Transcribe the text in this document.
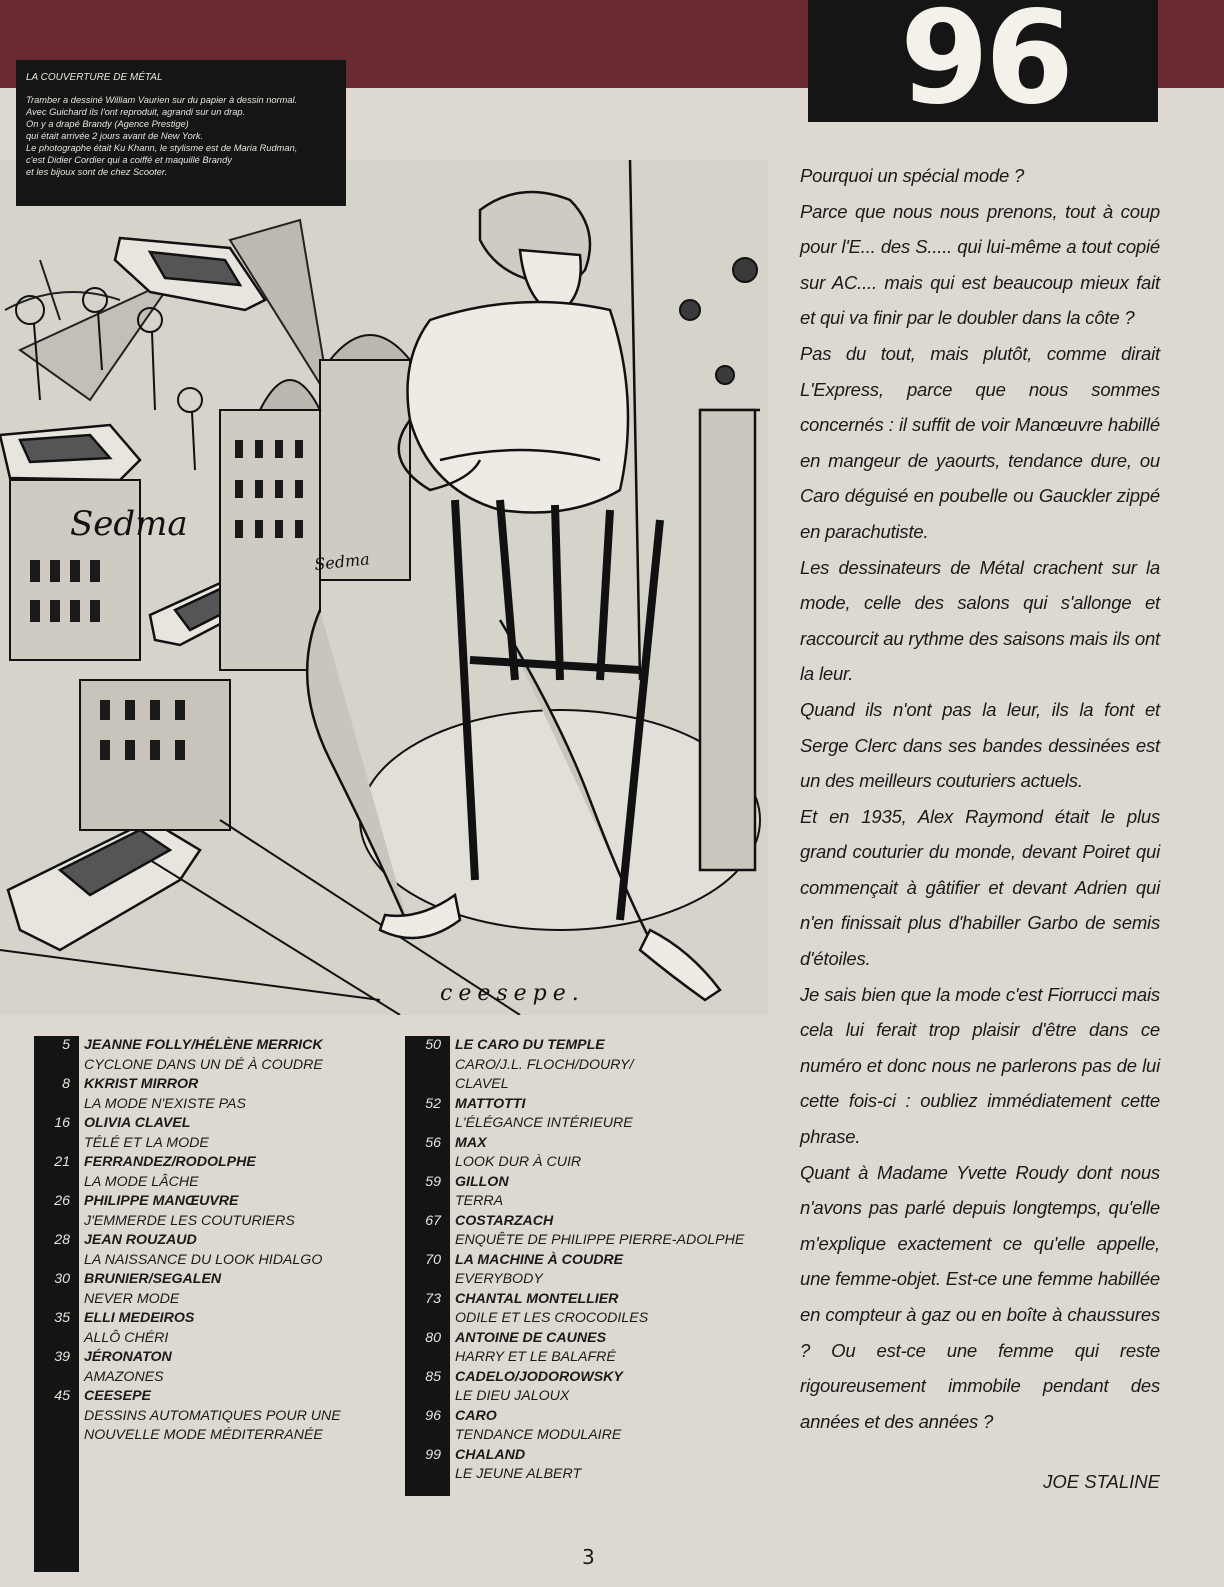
96
Sedma
Sedma
ceesepe.
LA COUVERTURE DE MÉTAL
Tramber a dessiné William Vaurien sur du papier à dessin normal.
Avec Guichard ils l'ont reproduit, agrandi sur un drap.
On y a drapé Brandy (Agence Prestige)
qui était arrivée 2 jours avant de New York.
Le photographe était Ku Khann, le stylisme est de Maria Rudman,
c'est Didier Cordier qui a coiffé et maquillé Brandy
et les bijoux sont de chez Scooter.	Pourquoi un spécial mode ?

Parce que nous nous prenons, tout à coup pour l'E... des S..... qui lui-même a tout copié sur AC.... mais qui est beaucoup mieux fait et qui va finir par le doubler dans la côte ?

Pas du tout, mais plutôt, comme dirait L'Express, parce que nous sommes concernés : il suffit de voir Manœuvre habillé en mangeur de yaourts, tendance dure, ou Caro déguisé en poubelle ou Gauckler zippé en parachutiste.

Les dessinateurs de Métal crachent sur la mode, celle des salons qui s'allonge et raccourcit au rythme des saisons mais ils ont la leur.

Quand ils n'ont pas la leur, ils la font et Serge Clerc dans ses bandes dessinées est un des meilleurs couturiers actuels.

Et en 1935, Alex Raymond était le plus grand couturier du monde, devant Poiret qui commençait à gâtifier et devant Adrien qui n'en finissait plus d'habiller Garbo de semis d'étoiles.

Je sais bien que la mode c'est Fiorrucci mais cela lui ferait trop plaisir d'être dans ce numéro et donc nous ne parlerons pas de lui cette fois-ci : oubliez immédiatement cette phrase.

Quant à Madame Yvette Roudy dont nous n'avons pas parlé depuis longtemps, qu'elle m'explique exactement ce qu'elle appelle, une femme-objet. Est-ce une femme habillée en compteur à gaz ou en boîte à chaussures ? Ou est-ce une femme qui reste rigoureusement immobile pendant des années et des années ?

JOE STALINE
5 JEANNE FOLLY/HÉLÈNE MERRICK
CYCLONE DANS UN DÉ À COUDRE
8 KKRIST MIRROR
LA MODE N'EXISTE PAS
16 OLIVIA CLAVEL
TÉLÉ ET LA MODE
21 FERRANDEZ/RODOLPHE
LA MODE LÂCHE
26 PHILIPPE MANŒUVRE
J'EMMERDE LES COUTURIERS
28 JEAN ROUZAUD
LA NAISSANCE DU LOOK HIDALGO
30 BRUNIER/SEGALEN
NEVER MODE
35 ELLI MEDEIROS
ALLÔ CHÉRI
39 JÉRONATON
AMAZONES
45 CEESEPE
DESSINS AUTOMATIQUES POUR UNE
NOUVELLE MODE MÉDITERRANÉE
50 LE CARO DU TEMPLE
CARO/J.L. FLOCH/DOURY/
CLAVEL
52 MATTOTTI
L'ÉLÉGANCE INTÉRIEURE
56 MAX
LOOK DUR À CUIR
59 GILLON
TERRA
67 COSTARZACH
ENQUÊTE DE PHILIPPE PIERRE-ADOLPHE
70 LA MACHINE À COUDRE
EVERYBODY
73 CHANTAL MONTELLIER
ODILE ET LES CROCODILES
80 ANTOINE DE CAUNES
HARRY ET LE BALAFRÉ
85 CADELO/JODOROWSKY
LE DIEU JALOUX
96 CARO
TENDANCE MODULAIRE
99 CHALAND
LE JEUNE ALBERT
3
